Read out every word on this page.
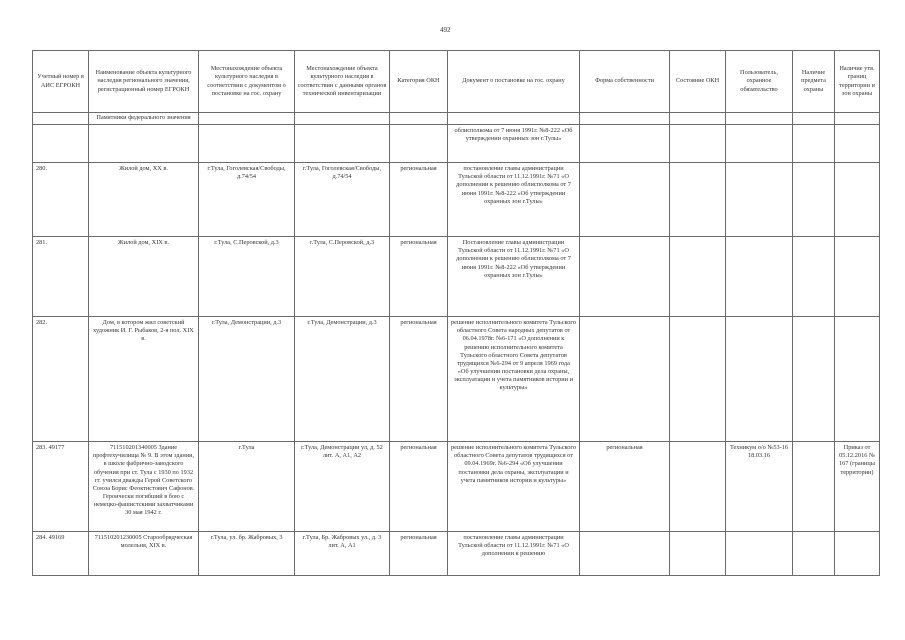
492
Учетный номер в АИС ЕГРОКН	Наименование объекта культурного наследия регионального значения, регистрационный номер ЕГРОКН	Местонахождение объекта культурного наследия в соответствии с документом о постановке на гос. охрану	Местонахождение объекта культурного наследия в соответствии с данными органов технической инвентаризации	Категория ОКН	Документ о постановке на гос. охрану	Форма собственности	Состояние ОКН	Пользователь, охранное обязательство	Наличие предмета охраны	Наличие утв. границ территории и зон охраны
	Памятники федерального значения									
					облисполкома от 7 июня 1991г. №8-222 «Об утверждении охранных зон г.Тулы»					
280.	Жилой дом, XX в.	г.Тула, Гоголевская/Свободы, д.74/54	г.Тула, Гоголевская/Свободы, д.74/54	региональная	постановление главы администрации Тульской области от 11.12.1991г. №71 «О дополнении к решению облисполкома от 7 июня 1991г. №8-222 «Об утверждении охранных зон г.Тулы»					
281.	Жилой дом, XIX в.	г.Тула, С.Перовской, д.3	г.Тула, С.Перовской, д.3	региональная	Постановление главы администрации Тульской области от 11.12.1991г. №71 «О дополнении к решению облисполкома от 7 июня 1991г. №8-222 «Об утверждении охранных зон г.Тулы»					
282.	Дом, в котором жил советский художник И. Г. Рыбаков, 2-я пол. XIX в.	г.Тула, Демонстрации, д.3	г.Тула, Демонстрации, д.3	региональная	решение исполнительного комитета Тульского областного Совета народных депутатов от 06.04.1978г. №6-171 «О дополнении к решению исполнительного комитета Тульского областного Совета депутатов трудящихся №6-294 от 9 апреля 1969 года «Об улучшении постановки дела охраны, эксплуатации и учета памятников истории и культуры»					
283. 49177	711510201340005 Здание профтехучилища № 9. В этом здании, в школе фабрично-заводского обучения при ст. Тула с 1930 по 1932 гг. учился дважды Герой Советского Союза Борис Феоктистович Сафонов. Героически погибший в бою с немецко-фашистскими захватчиками 30 мая 1942 г.	г.Тула	г.Тула, Демонстрации ул, д. 52 лит. А, А1, А2	региональная	решение исполнительного комитета Тульского областного Совета депутатов трудящихся от 09.04.1969г. №6-294 «Об улучшении постановки дела охраны, эксплуатации и учета памятников истории и культуры»	региональная		Техникум о/о №53-16 18.03.16		Приказ от 05.12.2016 № 167 (границы территории)
284. 49169	711510201230005 Старообрядческая молельня, XIX в.	г.Тула, ул. бр. Жабровых, 3	г.Тула, Бр. Жабровых ул., д. 3 лит. А, А1	региональная	постановление главы администрации Тульской области от 11.12.1991г. №71 «О дополнении к решению					
